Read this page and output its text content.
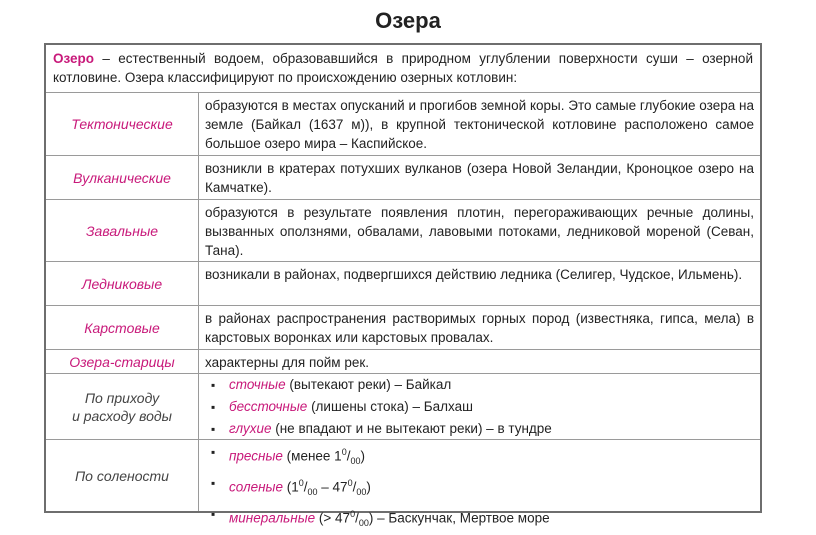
Озера
Озеро – естественный водоем, образовавшийся в природном углублении поверхности суши – озерной котловине. Озера классифицируют по происхождению озерных котловин:
Тектонические
образуются в местах опусканий и прогибов земной коры. Это самые глубокие озера на земле (Байкал (1637 м)), в крупной тектонической котловине расположено самое большое озеро мира – Каспийское.
Вулканические
возникли в кратерах потухших вулканов (озера Новой Зеландии, Кроноцкое озеро на Камчатке).
Завальные
образуются в результате появления плотин, перегораживающих речные долины, вызванных оползнями, обвалами, лавовыми потоками, ледниковой мореной (Севан, Тана).
Ледниковые
возникали в районах, подвергшихся действию ледника (Селигер, Чудское, Ильмень).
Карстовые
в районах распространения растворимых горных пород (известняка, гипса, мела) в карстовых воронках или карстовых провалах.
Озера-старицы	характерны для пойм рек.
По приходу
и расходу воды
▪ сточные (вытекают реки) – Байкал
▪ бессточные (лишены стока) – Балхаш
▪ глухие (не впадают и не вытекают реки) – в тундре
По солености
▪ пресные (менее $1^0/_{00}$)
▪ соленые $(1^0/_{00} - 47^0/_{00})$
▪ минеральные (> $47^0/_{00}$) – Баскунчак, Мертвое море
